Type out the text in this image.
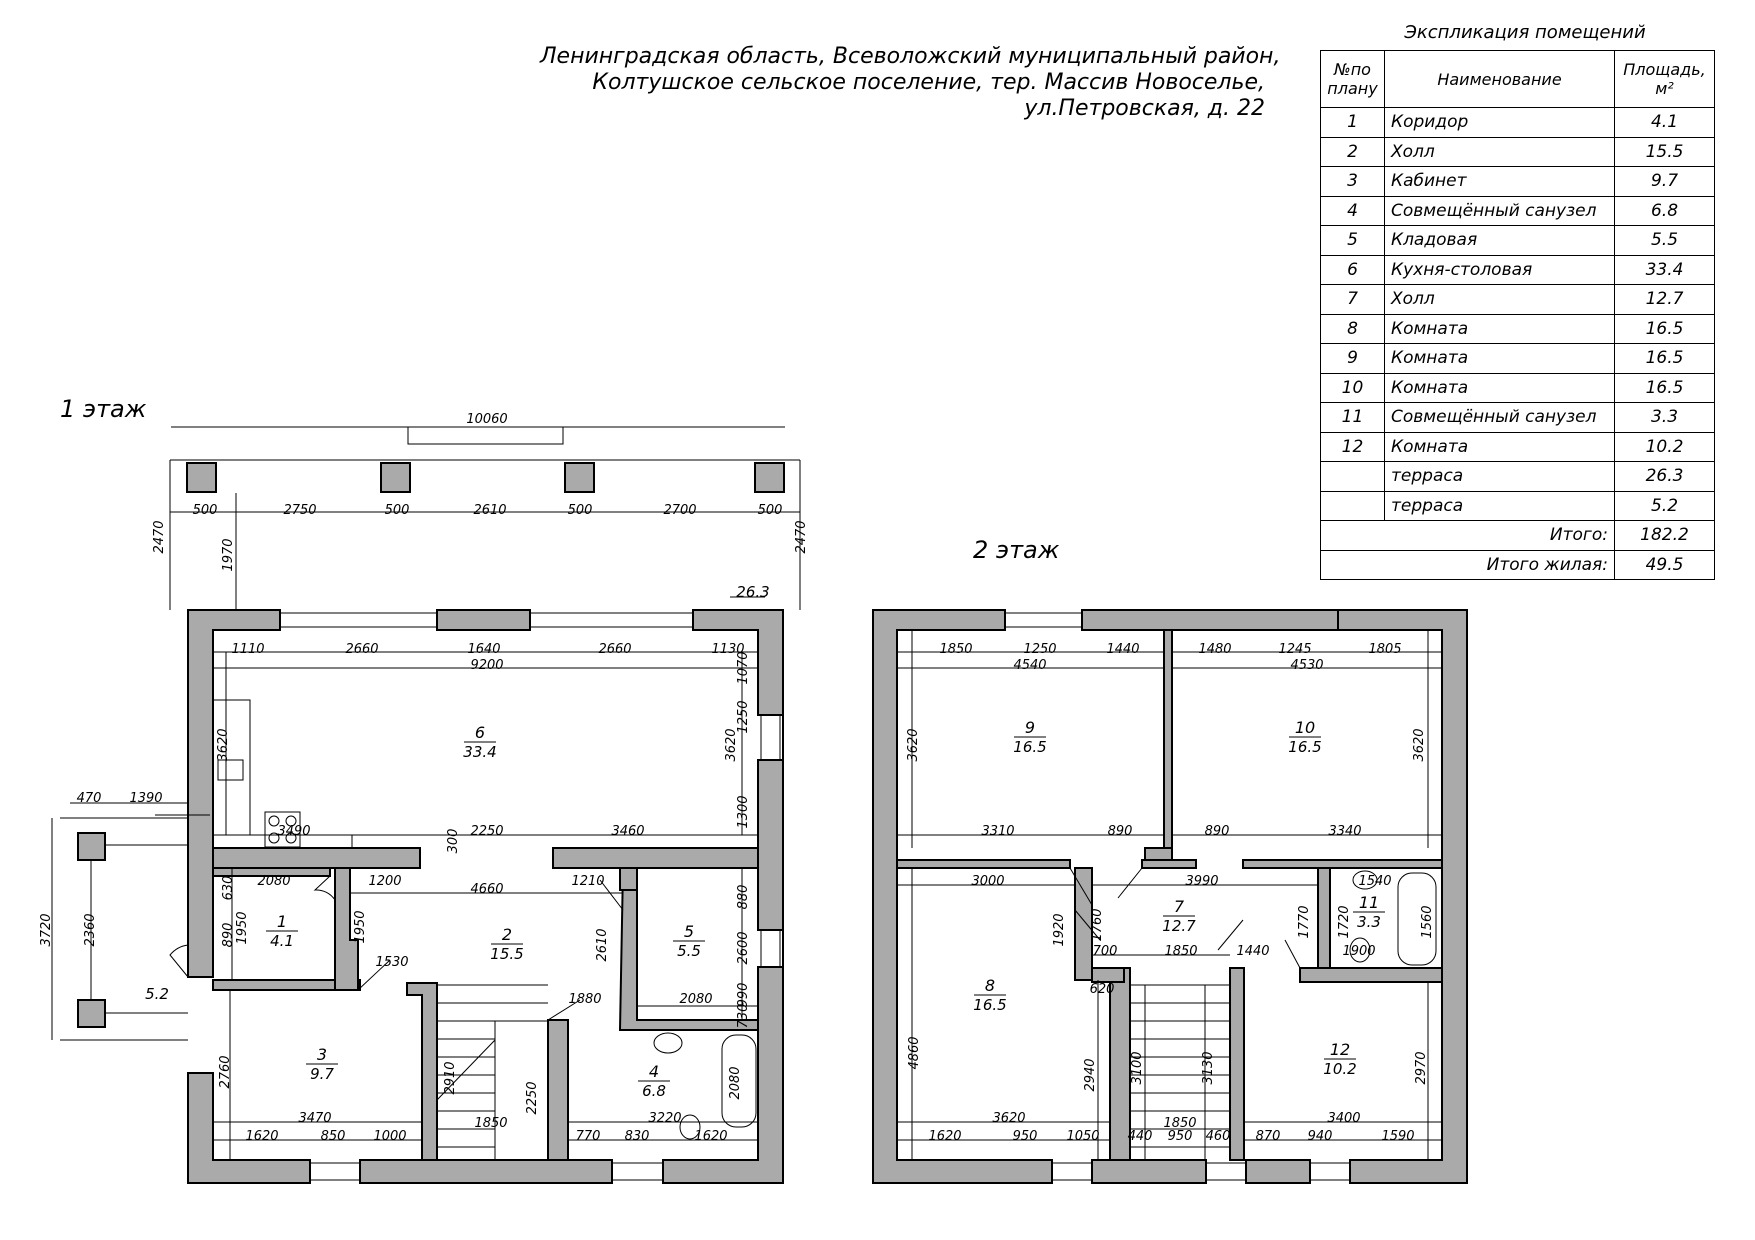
Ленинградская область, Всеволожский муниципальный район,
Колтушское сельское поселение, тер. Массив Новоселье,
ул.Петровская, д. 22
1 этаж
2 этаж
Экспликация помещений
№по
плану	Наименование	Площадь, м²
1	Коридор	4.1
2	Холл	15.5
3	Кабинет	9.7
4	Совмещённый санузел	6.8
5	Кладовая	5.5
6	Кухня-столовая	33.4
7	Холл	12.7
8	Комната	16.5
9	Комната	16.5
10	Комната	16.5
11	Совмещённый санузел	3.3
12	Комната	10.2
	терраса	26.3
	терраса	5.2
Итого:		182.2
Итого жилая:		49.5
6
33.4
1
4.1	2
15.5
5
5.5
3
9.7	4
6.8
9
16.5
10
16.5
8
16.5
7
12.7
11
3.3
12
10.2
26.3
5.2
10060
2470	2470
1970
500	2750	500	2610	500	2700	500
1110	2660	1640	2660	1130
9200
3620	3620
1070
1250
1300
3490	2250	3460
300
2080	1200	1210
4660
630
1950
890	1950
1530
2610
880
2600
990
730
1880	2080
2910
2250
1850
2760
3470
1620	850 1000
3220
770 830	1620
2080
470 1390
3720 2360
1850	1250	1440
4540
1480	1245	1805
4530
3620	3620
3310	890	890	3340
3000	3990	1540
1920 1760	1770 1720	1560
700	1850	1440	1900
620
4860
2940 3100	3130	2970
3620
1620	950 1050
1850
440 950 460
3400
870 940	1590
